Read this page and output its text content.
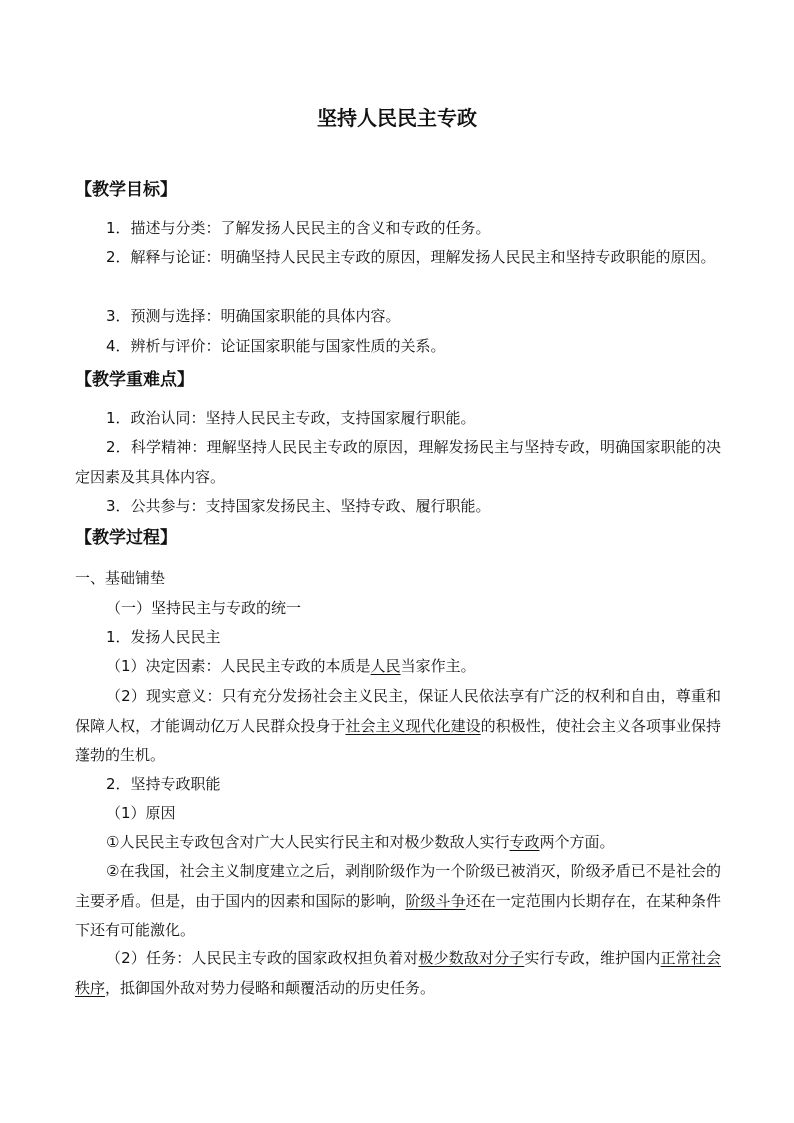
坚持人民民主专政
【教学目标】

1．描述与分类：了解发扬人民民主的含义和专政的任务。

2．解释与论证：明确坚持人民民主专政的原因，理解发扬人民民主和坚持专政职能的原因。

3．预测与选择：明确国家职能的具体内容。

4．辨析与评价：论证国家职能与国家性质的关系。

【教学重难点】

1．政治认同：坚持人民民主专政，支持国家履行职能。

2．科学精神：理解坚持人民民主专政的原因，理解发扬民主与坚持专政，明确国家职能的决定因素及其具体内容。

3．公共参与：支持国家发扬民主、坚持专政、履行职能。

【教学过程】

一、基础铺垫

（一）坚持民主与专政的统一

1．发扬人民民主

（1）决定因素：人民民主专政的本质是人民当家作主。

（2）现实意义：只有充分发扬社会主义民主，保证人民依法享有广泛的权利和自由，尊重和保障人权，才能调动亿万人民群众投身于社会主义现代化建设的积极性，使社会主义各项事业保持蓬勃的生机。

2．坚持专政职能

（1）原因

①人民民主专政包含对广大人民实行民主和对极少数敌人实行专政两个方面。

②在我国，社会主义制度建立之后，剥削阶级作为一个阶级已被消灭，阶级矛盾已不是社会的主要矛盾。但是，由于国内的因素和国际的影响，阶级斗争还在一定范围内长期存在，在某种条件下还有可能激化。

（2）任务：人民民主专政的国家政权担负着对极少数敌对分子实行专政，维护国内正常社会秩序，抵御国外敌对势力侵略和颠覆活动的历史任务。
